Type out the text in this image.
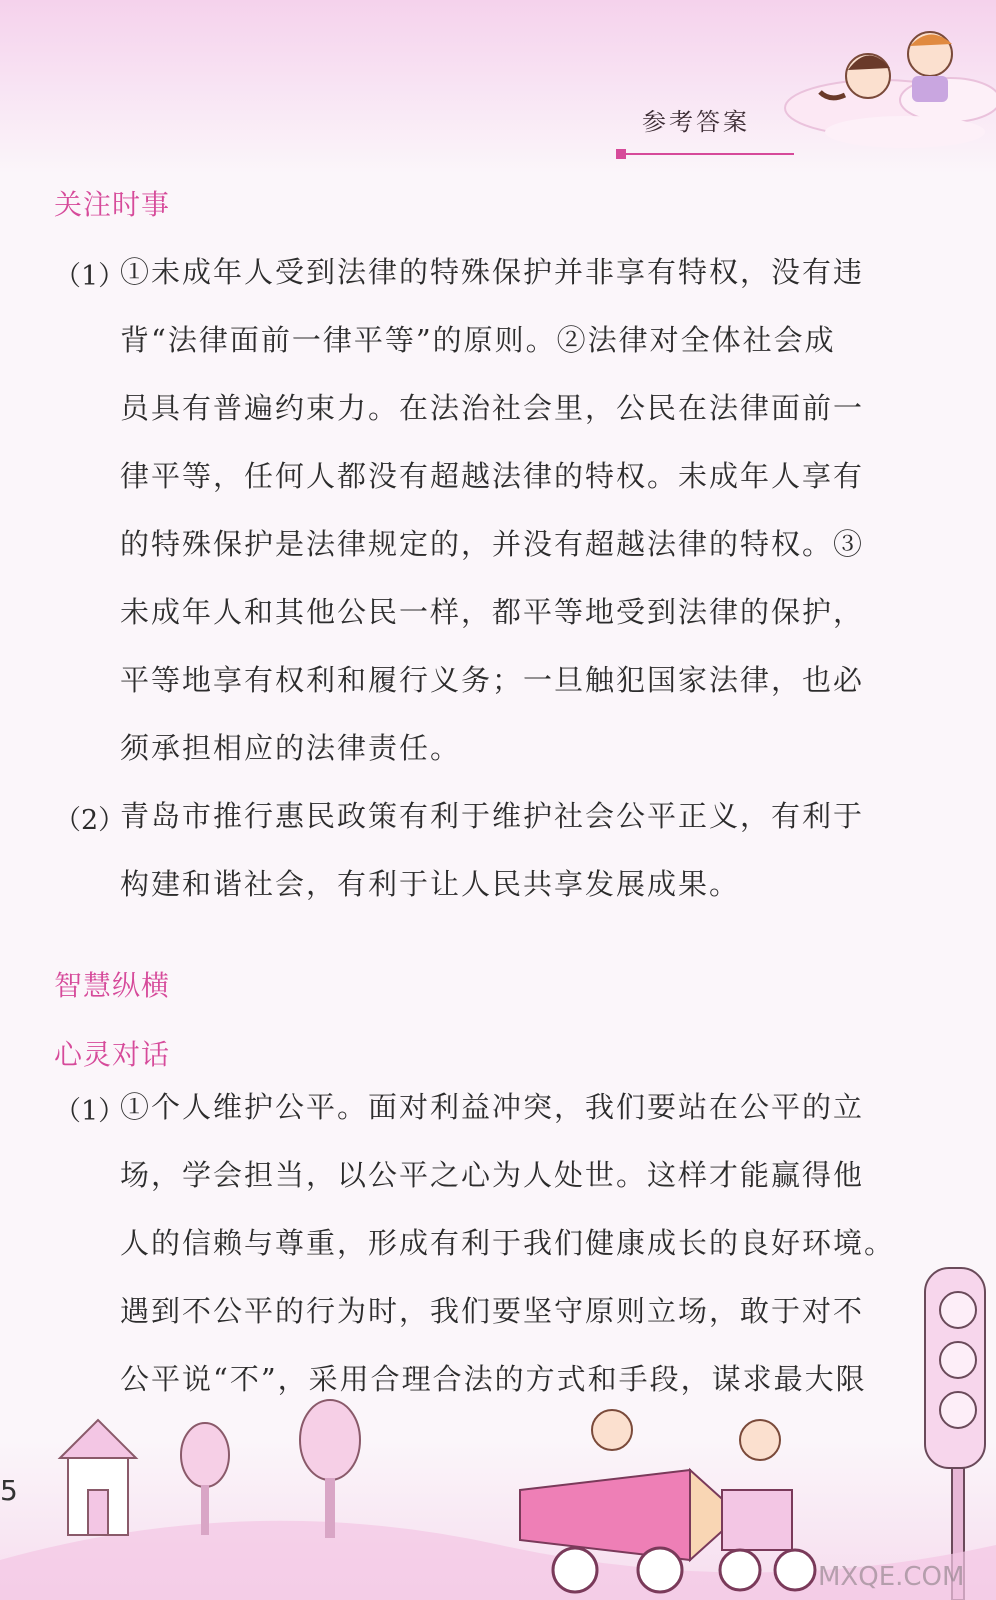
参考答案
关注时事
（1）
①未成年人受到法律的特殊保护并非享有特权，没有违
背“法律面前一律平等”的原则。②法律对全体社会成
员具有普遍约束力。在法治社会里，公民在法律面前一
律平等，任何人都没有超越法律的特权。未成年人享有
的特殊保护是法律规定的，并没有超越法律的特权。③
未成年人和其他公民一样，都平等地受到法律的保护，
平等地享有权利和履行义务；一旦触犯国家法律，也必
须承担相应的法律责任。
（2）
青岛市推行惠民政策有利于维护社会公平正义，有利于
构建和谐社会，有利于让人民共享发展成果。
智慧纵横
心灵对话
（1）
①个人维护公平。面对利益冲突，我们要站在公平的立
场，学会担当，以公平之心为人处世。这样才能赢得他
人的信赖与尊重，形成有利于我们健康成长的良好环境。
遇到不公平的行为时，我们要坚守原则立场，敢于对不
公平说“不”，采用合理合法的方式和手段，谋求最大限
MXQE.COM
5
